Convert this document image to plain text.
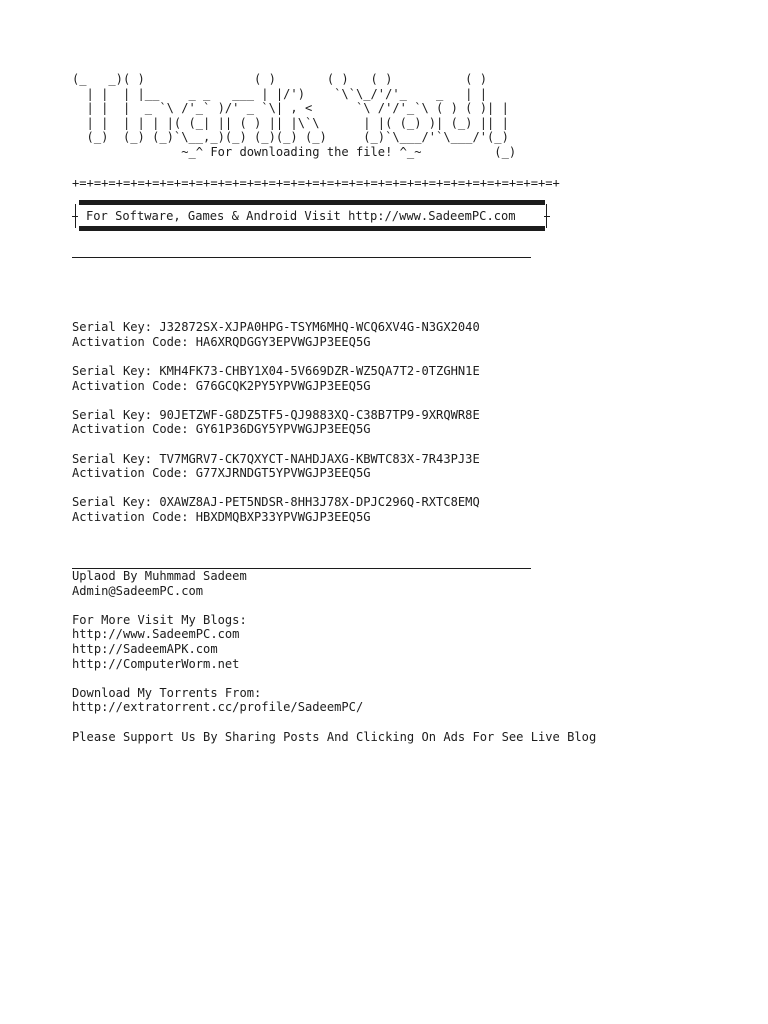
(_   _)( )               ( )       ( )   ( )          ( )
| |  | |__    _ _   ___ | |/')    `\`\_/'/'_    _   | |
| |  |  _ `\ /'_` )/' _ `\| , <      `\ /'/'_`\ ( ) ( )| |
| |  | | | |( (_| || ( ) || |\`\      | |( (_) )| (_) || |
(_)  (_) (_)`\__,_)(_) (_)(_) (_)     (_)`\___/'`\___/'(_)
~_^ For downloading the file! ^_~          (_)
+=+=+=+=+=+=+=+=+=+=+=+=+=+=+=+=+=+=+=+=+=+=+=+=+=+=+=+=+=+=+=+=+=+
For Software, Games & Android Visit http://www.SadeemPC.com
Serial Key: J32872SX-XJPA0HPG-TSYM6MHQ-WCQ6XV4G-N3GX2040
Activation Code: HA6XRQDGGY3EPVWGJP3EEQ5G
Serial Key: KMH4FK73-CHBY1X04-5V669DZR-WZ5QA7T2-0TZGHN1E
Activation Code: G76GCQK2PY5YPVWGJP3EEQ5G
Serial Key: 90JETZWF-G8DZ5TF5-QJ9883XQ-C38B7TP9-9XRQWR8E
Activation Code: GY61P36DGY5YPVWGJP3EEQ5G
Serial Key: TV7MGRV7-CK7QXYCT-NAHDJAXG-KBWTC83X-7R43PJ3E
Activation Code: G77XJRNDGT5YPVWGJP3EEQ5G
Serial Key: 0XAWZ8AJ-PET5NDSR-8HH3J78X-DPJC296Q-RXTC8EMQ
Activation Code: HBXDMQBXP33YPVWGJP3EEQ5G
Uplaod By Muhmmad Sadeem
Admin@SadeemPC.com
For More Visit My Blogs:
http://www.SadeemPC.com
http://SadeemAPK.com
http://ComputerWorm.net
Download My Torrents From:
http://extratorrent.cc/profile/SadeemPC/
Please Support Us By Sharing Posts And Clicking On Ads For See Live Blog
